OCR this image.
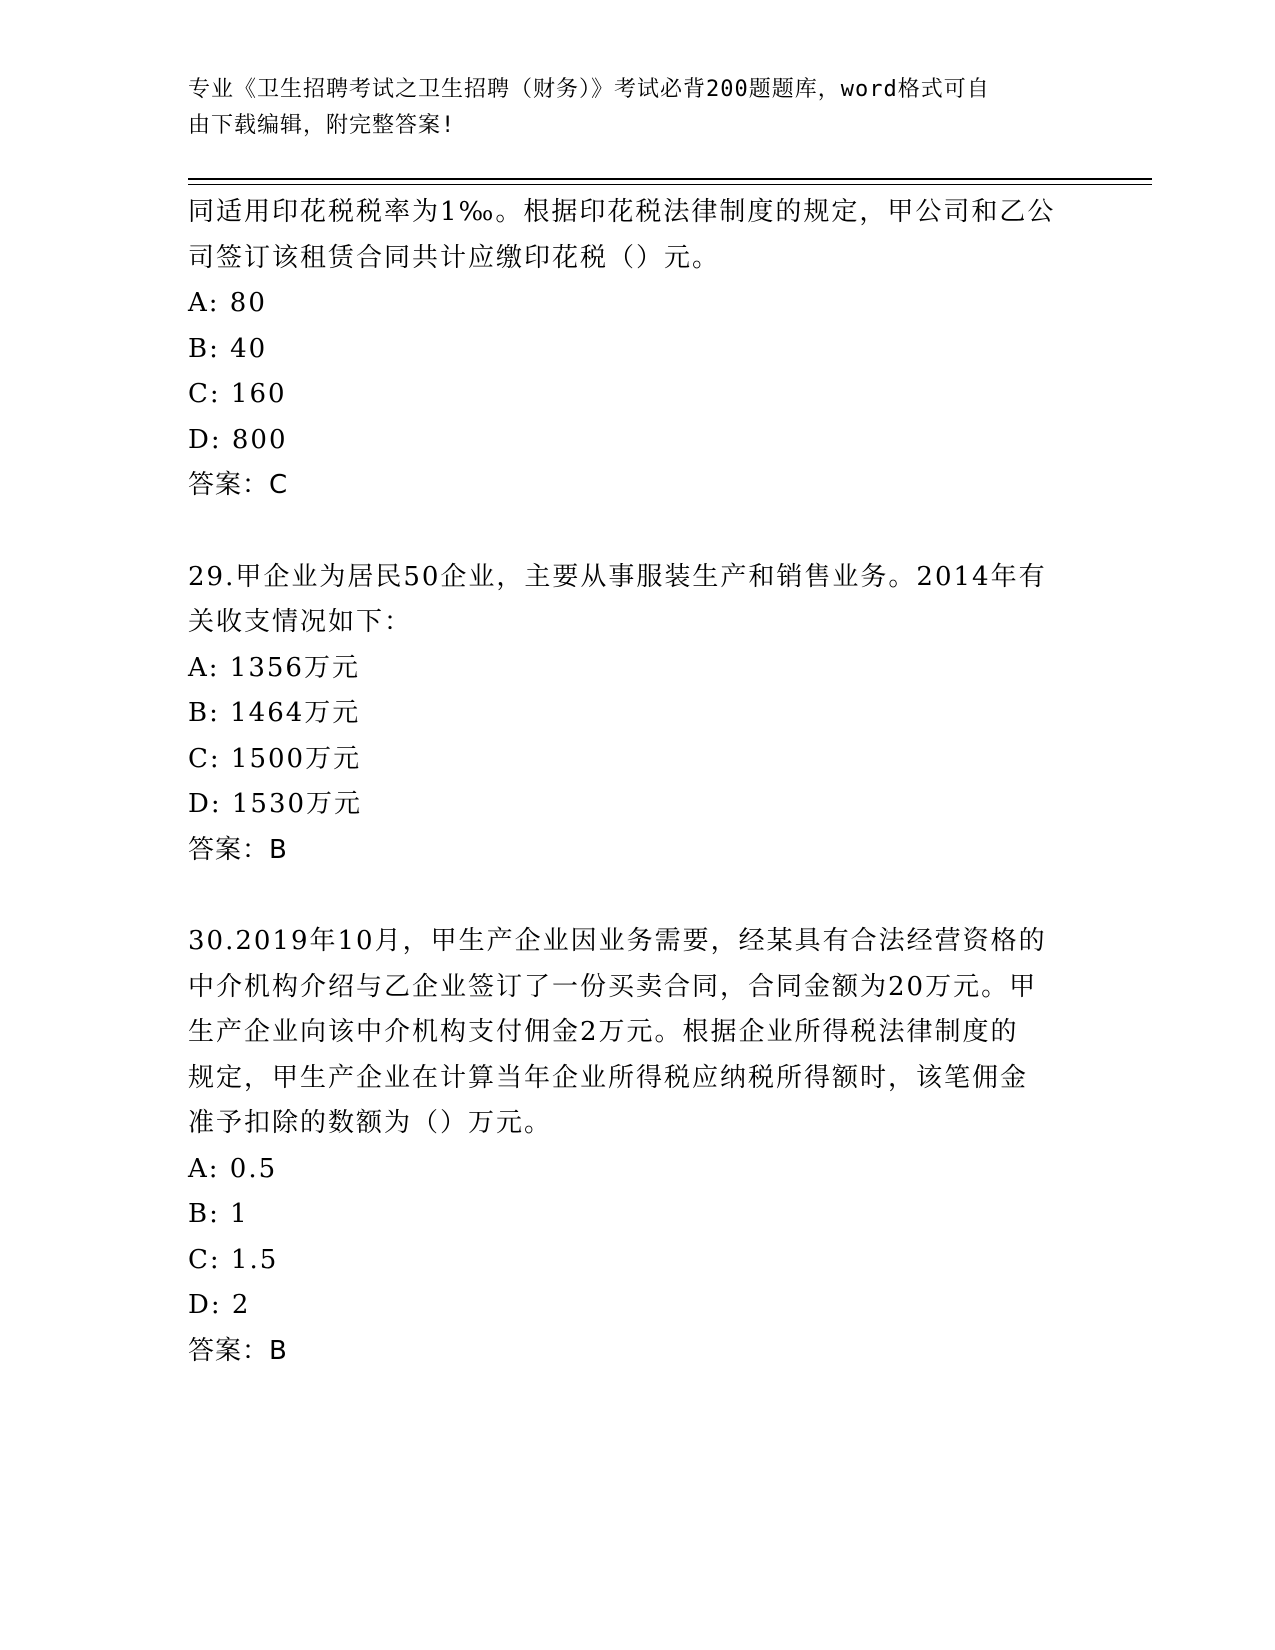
专业《卫生招聘考试之卫生招聘（财务）》考试必背200题题库，word格式可自
由下载编辑，附完整答案!
同适用印花税税率为1‰。根据印花税法律制度的规定，甲公司和乙公
司签订该租赁合同共计应缴印花税（）元。
A: 80
B: 40
C: 160
D: 800
答案：C
29.甲企业为居民50企业，主要从事服装生产和销售业务。2014年有
关收支情况如下：
A: 1356万元
B: 1464万元
C: 1500万元
D: 1530万元
答案：B
30.2019年10月，甲生产企业因业务需要，经某具有合法经营资格的
中介机构介绍与乙企业签订了一份买卖合同，合同金额为20万元。甲
生产企业向该中介机构支付佣金2万元。根据企业所得税法律制度的
规定，甲生产企业在计算当年企业所得税应纳税所得额时，该笔佣金
准予扣除的数额为（）万元。
A: 0.5
B: 1
C: 1.5
D: 2
答案：B
